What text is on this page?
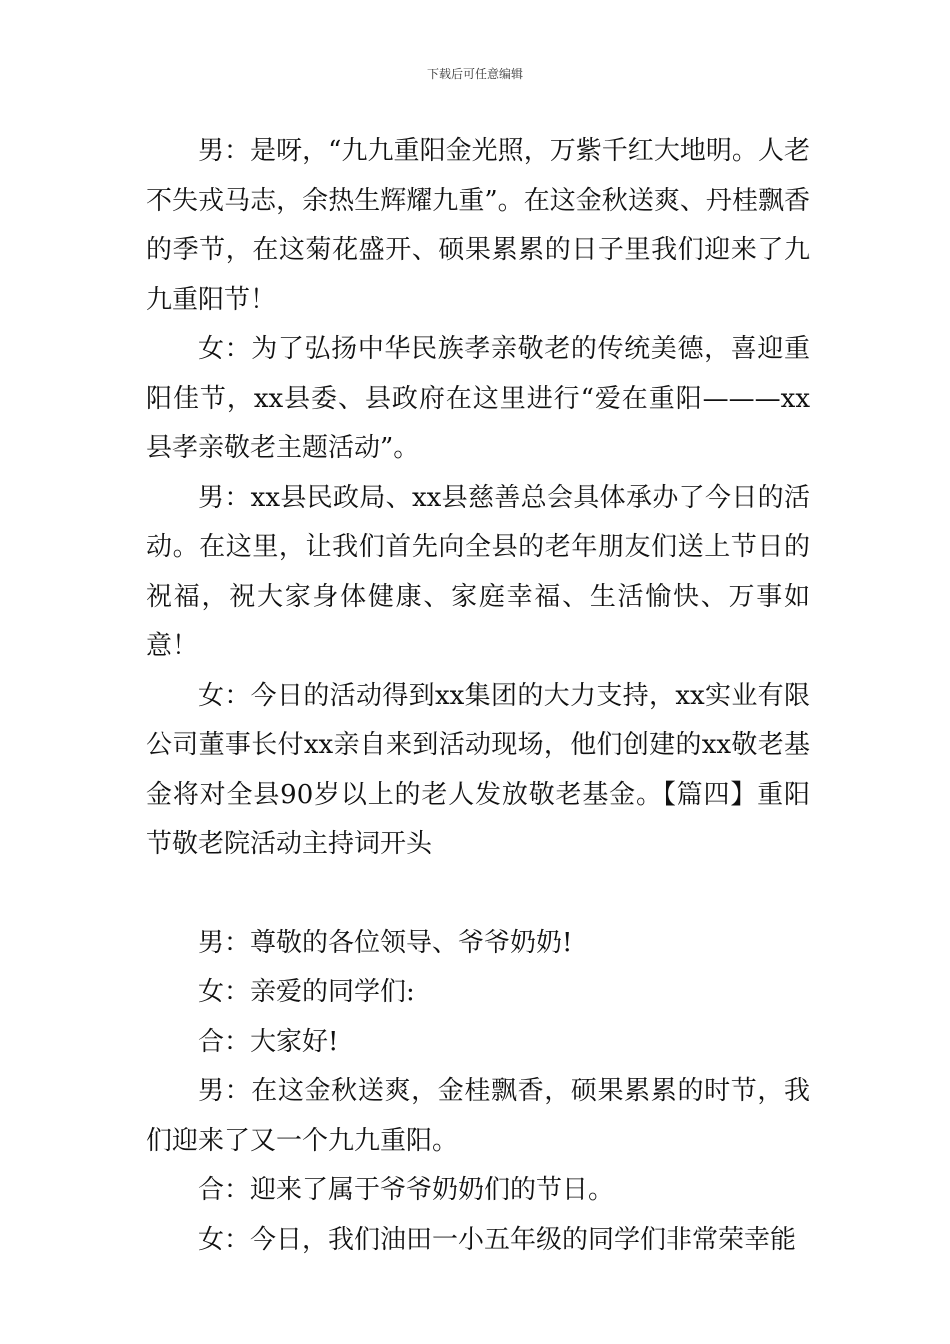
下载后可任意编辑

男：是呀，“九九重阳金光照，万紫千红大地明。人老不失戎马志，余热生辉耀九重”。在这金秋送爽、丹桂飘香的季节，在这菊花盛开、硕果累累的日子里我们迎来了九九重阳节！

女：为了弘扬中华民族孝亲敬老的传统美德，喜迎重阳佳节，xx县委、县政府在这里进行“爱在重阳———xx县孝亲敬老主题活动”。

男：xx县民政局、xx县慈善总会具体承办了今日的活动。在这里，让我们首先向全县的老年朋友们送上节日的祝福，祝大家身体健康、家庭幸福、生活愉快、万事如意！

女：今日的活动得到xx集团的大力支持，xx实业有限公司董事长付xx亲自来到活动现场，他们创建的xx敬老基金将对全县90岁以上的老人发放敬老基金。【篇四】重阳节敬老院活动主持词开头

男：尊敬的各位领导、爷爷奶奶!

女：亲爱的同学们:

合：大家好!

男：在这金秋送爽，金桂飘香，硕果累累的时节，我们迎来了又一个九九重阳。

合：迎来了属于爷爷奶奶们的节日。

女：今日，我们油田一小五年级的同学们非常荣幸能
